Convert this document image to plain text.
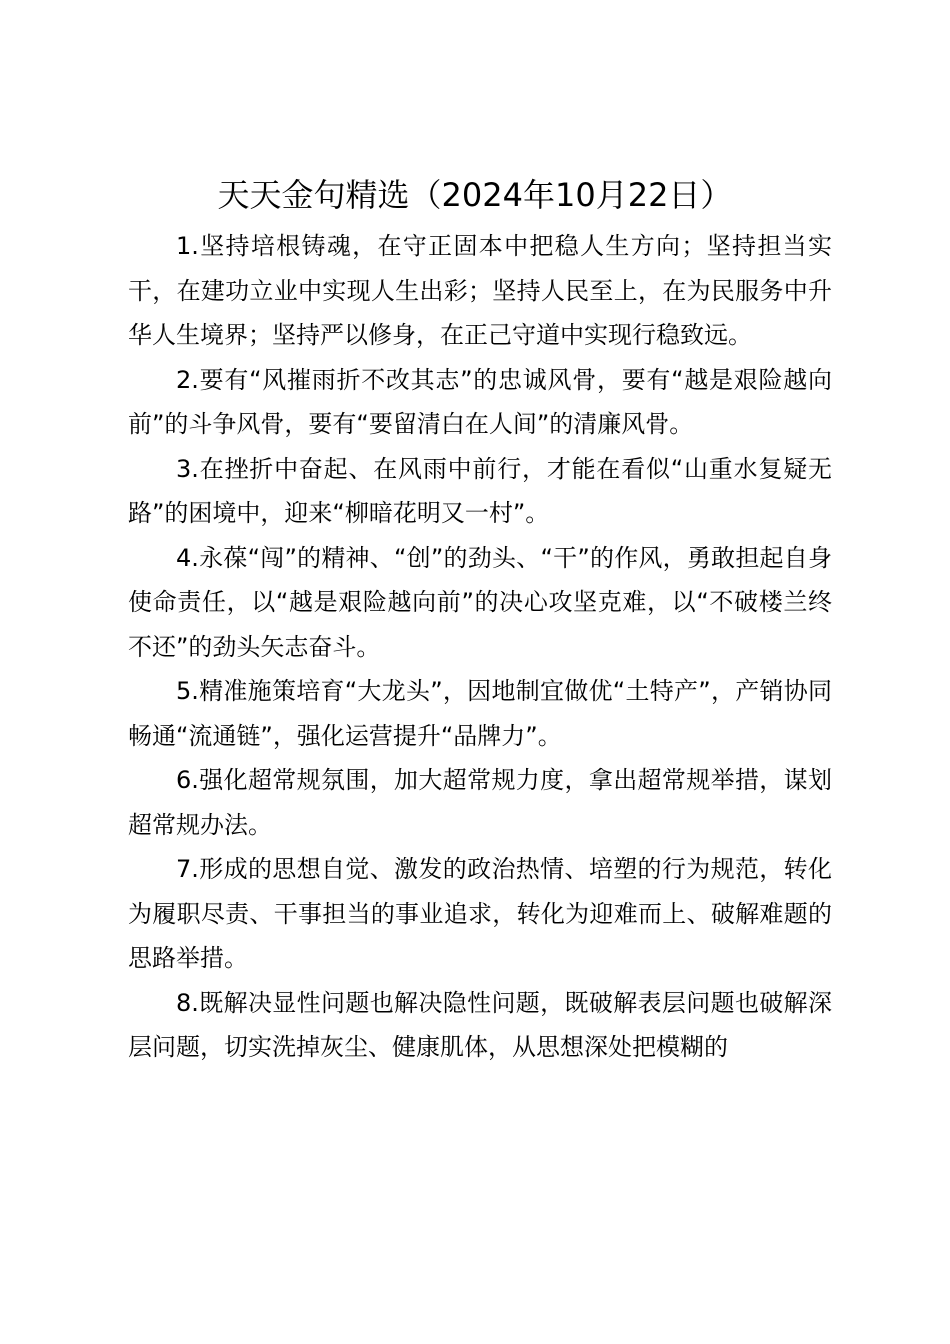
天天金句精选（2024年10月22日）

1.坚持培根铸魂，在守正固本中把稳人生方向；坚持担当实干，在建功立业中实现人生出彩；坚持人民至上，在为民服务中升华人生境界；坚持严以修身，在正己守道中实现行稳致远。

2.要有“风摧雨折不改其志”的忠诚风骨，要有“越是艰险越向前”的斗争风骨，要有“要留清白在人间”的清廉风骨。

3.在挫折中奋起、在风雨中前行，才能在看似“山重水复疑无路”的困境中，迎来“柳暗花明又一村”。

4.永葆“闯”的精神、“创”的劲头、“干”的作风，勇敢担起自身使命责任，以“越是艰险越向前”的决心攻坚克难，以“不破楼兰终不还”的劲头矢志奋斗。

5.精准施策培育“大龙头”，因地制宜做优“土特产”，产销协同畅通“流通链”，强化运营提升“品牌力”。

6.强化超常规氛围，加大超常规力度，拿出超常规举措，谋划超常规办法。

7.形成的思想自觉、激发的政治热情、培塑的行为规范，转化为履职尽责、干事担当的事业追求，转化为迎难而上、破解难题的思路举措。

8.既解决显性问题也解决隐性问题，既破解表层问题也破解深层问题，切实洗掉灰尘、健康肌体，从思想深处把模糊的
